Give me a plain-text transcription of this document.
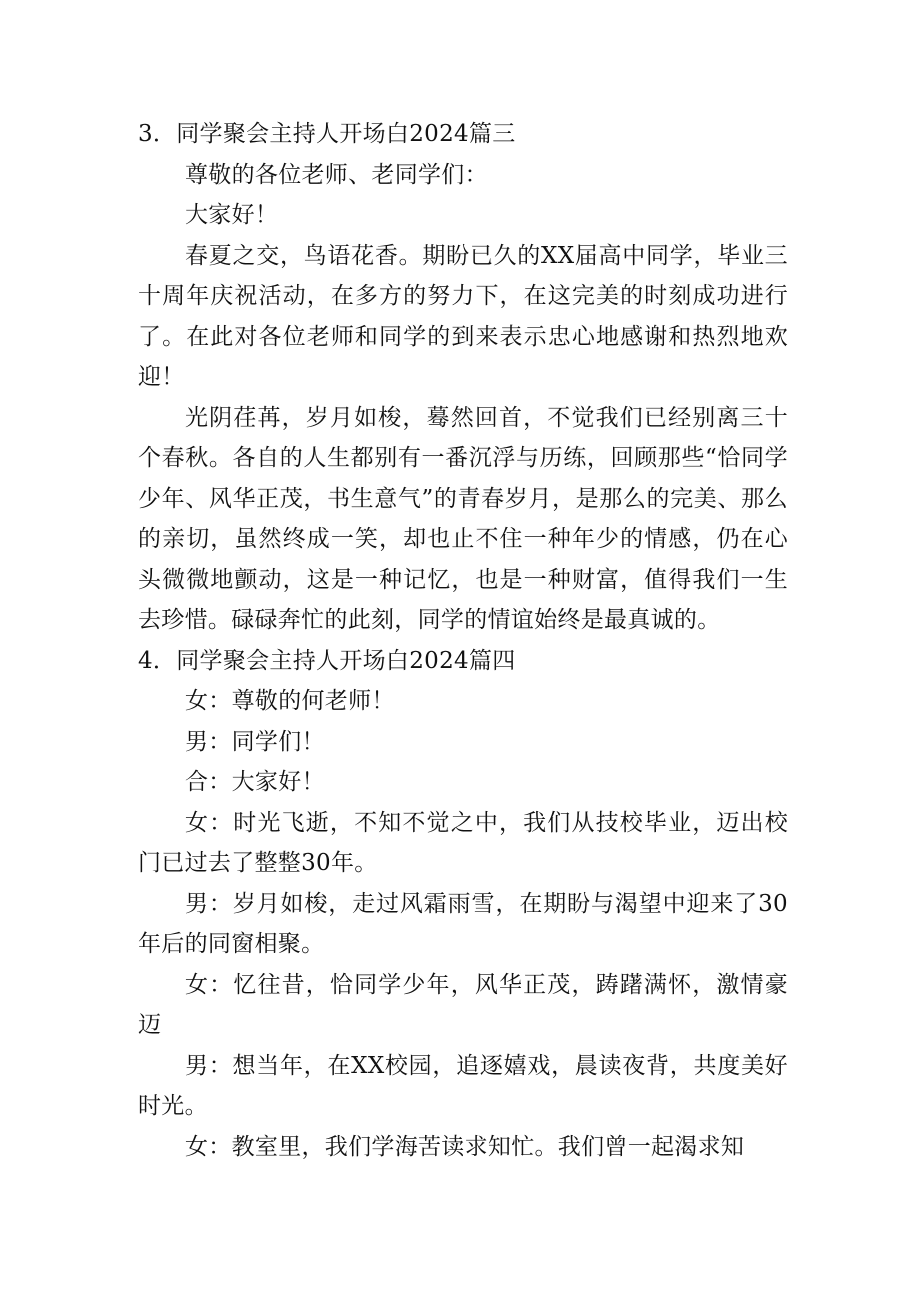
3．同学聚会主持人开场白2024篇三

尊敬的各位老师、老同学们：

大家好！

春夏之交，鸟语花香。期盼已久的XX届高中同学，毕业三十周年庆祝活动，在多方的努力下，在这完美的时刻成功进行了。在此对各位老师和同学的到来表示忠心地感谢和热烈地欢迎！

光阴荏苒，岁月如梭，蓦然回首，不觉我们已经别离三十个春秋。各自的人生都别有一番沉浮与历练，回顾那些“恰同学少年、风华正茂，书生意气”的青春岁月，是那么的完美、那么的亲切，虽然终成一笑，却也止不住一种年少的情感，仍在心头微微地颤动，这是一种记忆，也是一种财富，值得我们一生去珍惜。碌碌奔忙的此刻，同学的情谊始终是最真诚的。

4．同学聚会主持人开场白2024篇四

女：尊敬的何老师！

男：同学们！

合：大家好！

女：时光飞逝，不知不觉之中，我们从技校毕业，迈出校门已过去了整整30年。

男：岁月如梭，走过风霜雨雪，在期盼与渴望中迎来了30年后的同窗相聚。

女：忆往昔，恰同学少年，风华正茂，踌躇满怀，激情豪迈

男：想当年，在XX校园，追逐嬉戏，晨读夜背，共度美好时光。

女：教室里，我们学海苦读求知忙。我们曾一起渴求知
